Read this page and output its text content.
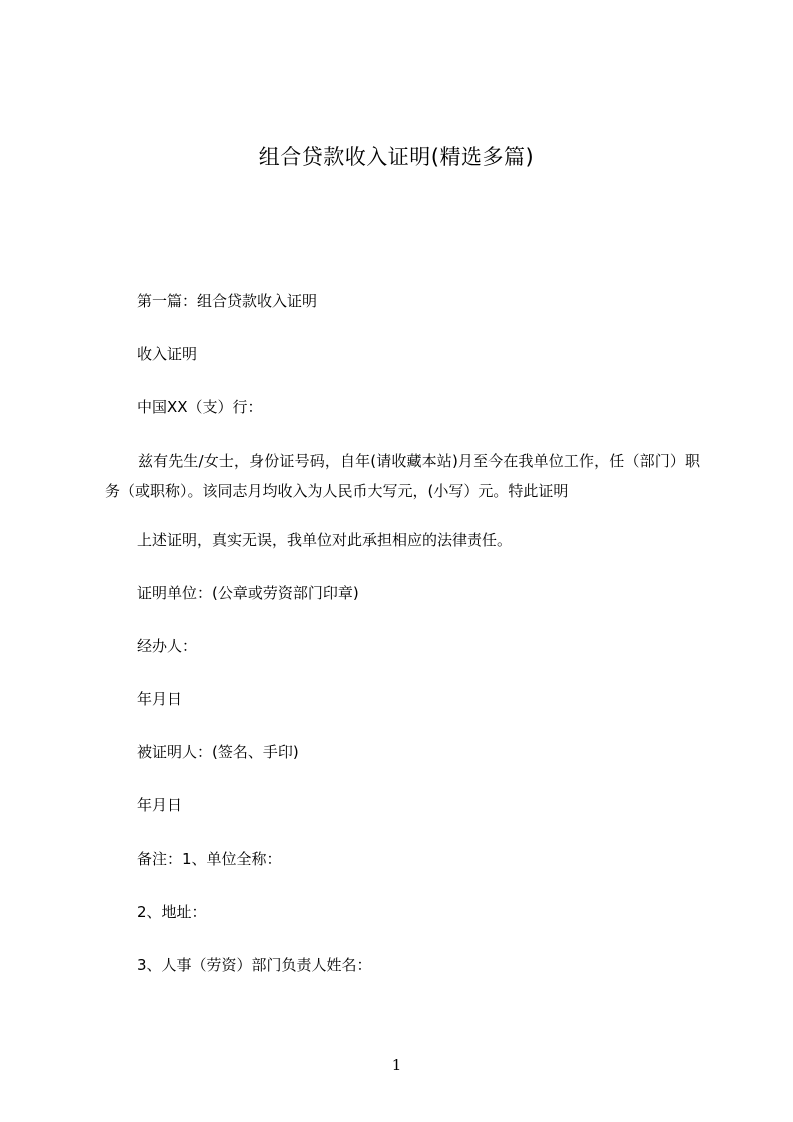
组合贷款收入证明(精选多篇)
第一篇：组合贷款收入证明
收入证明
中国XX（支）行：
兹有先生/女士，身份证号码，自年(请收藏本站)月至今在我单位工作，任（部门）职务（或职称）。该同志月均收入为人民币大写元，(小写）元。特此证明
上述证明，真实无误，我单位对此承担相应的法律责任。
证明单位：(公章或劳资部门印章)
经办人：
年月日
被证明人：(签名、手印)
年月日
备注：1、单位全称：
2、地址：
3、人事（劳资）部门负责人姓名：
1
